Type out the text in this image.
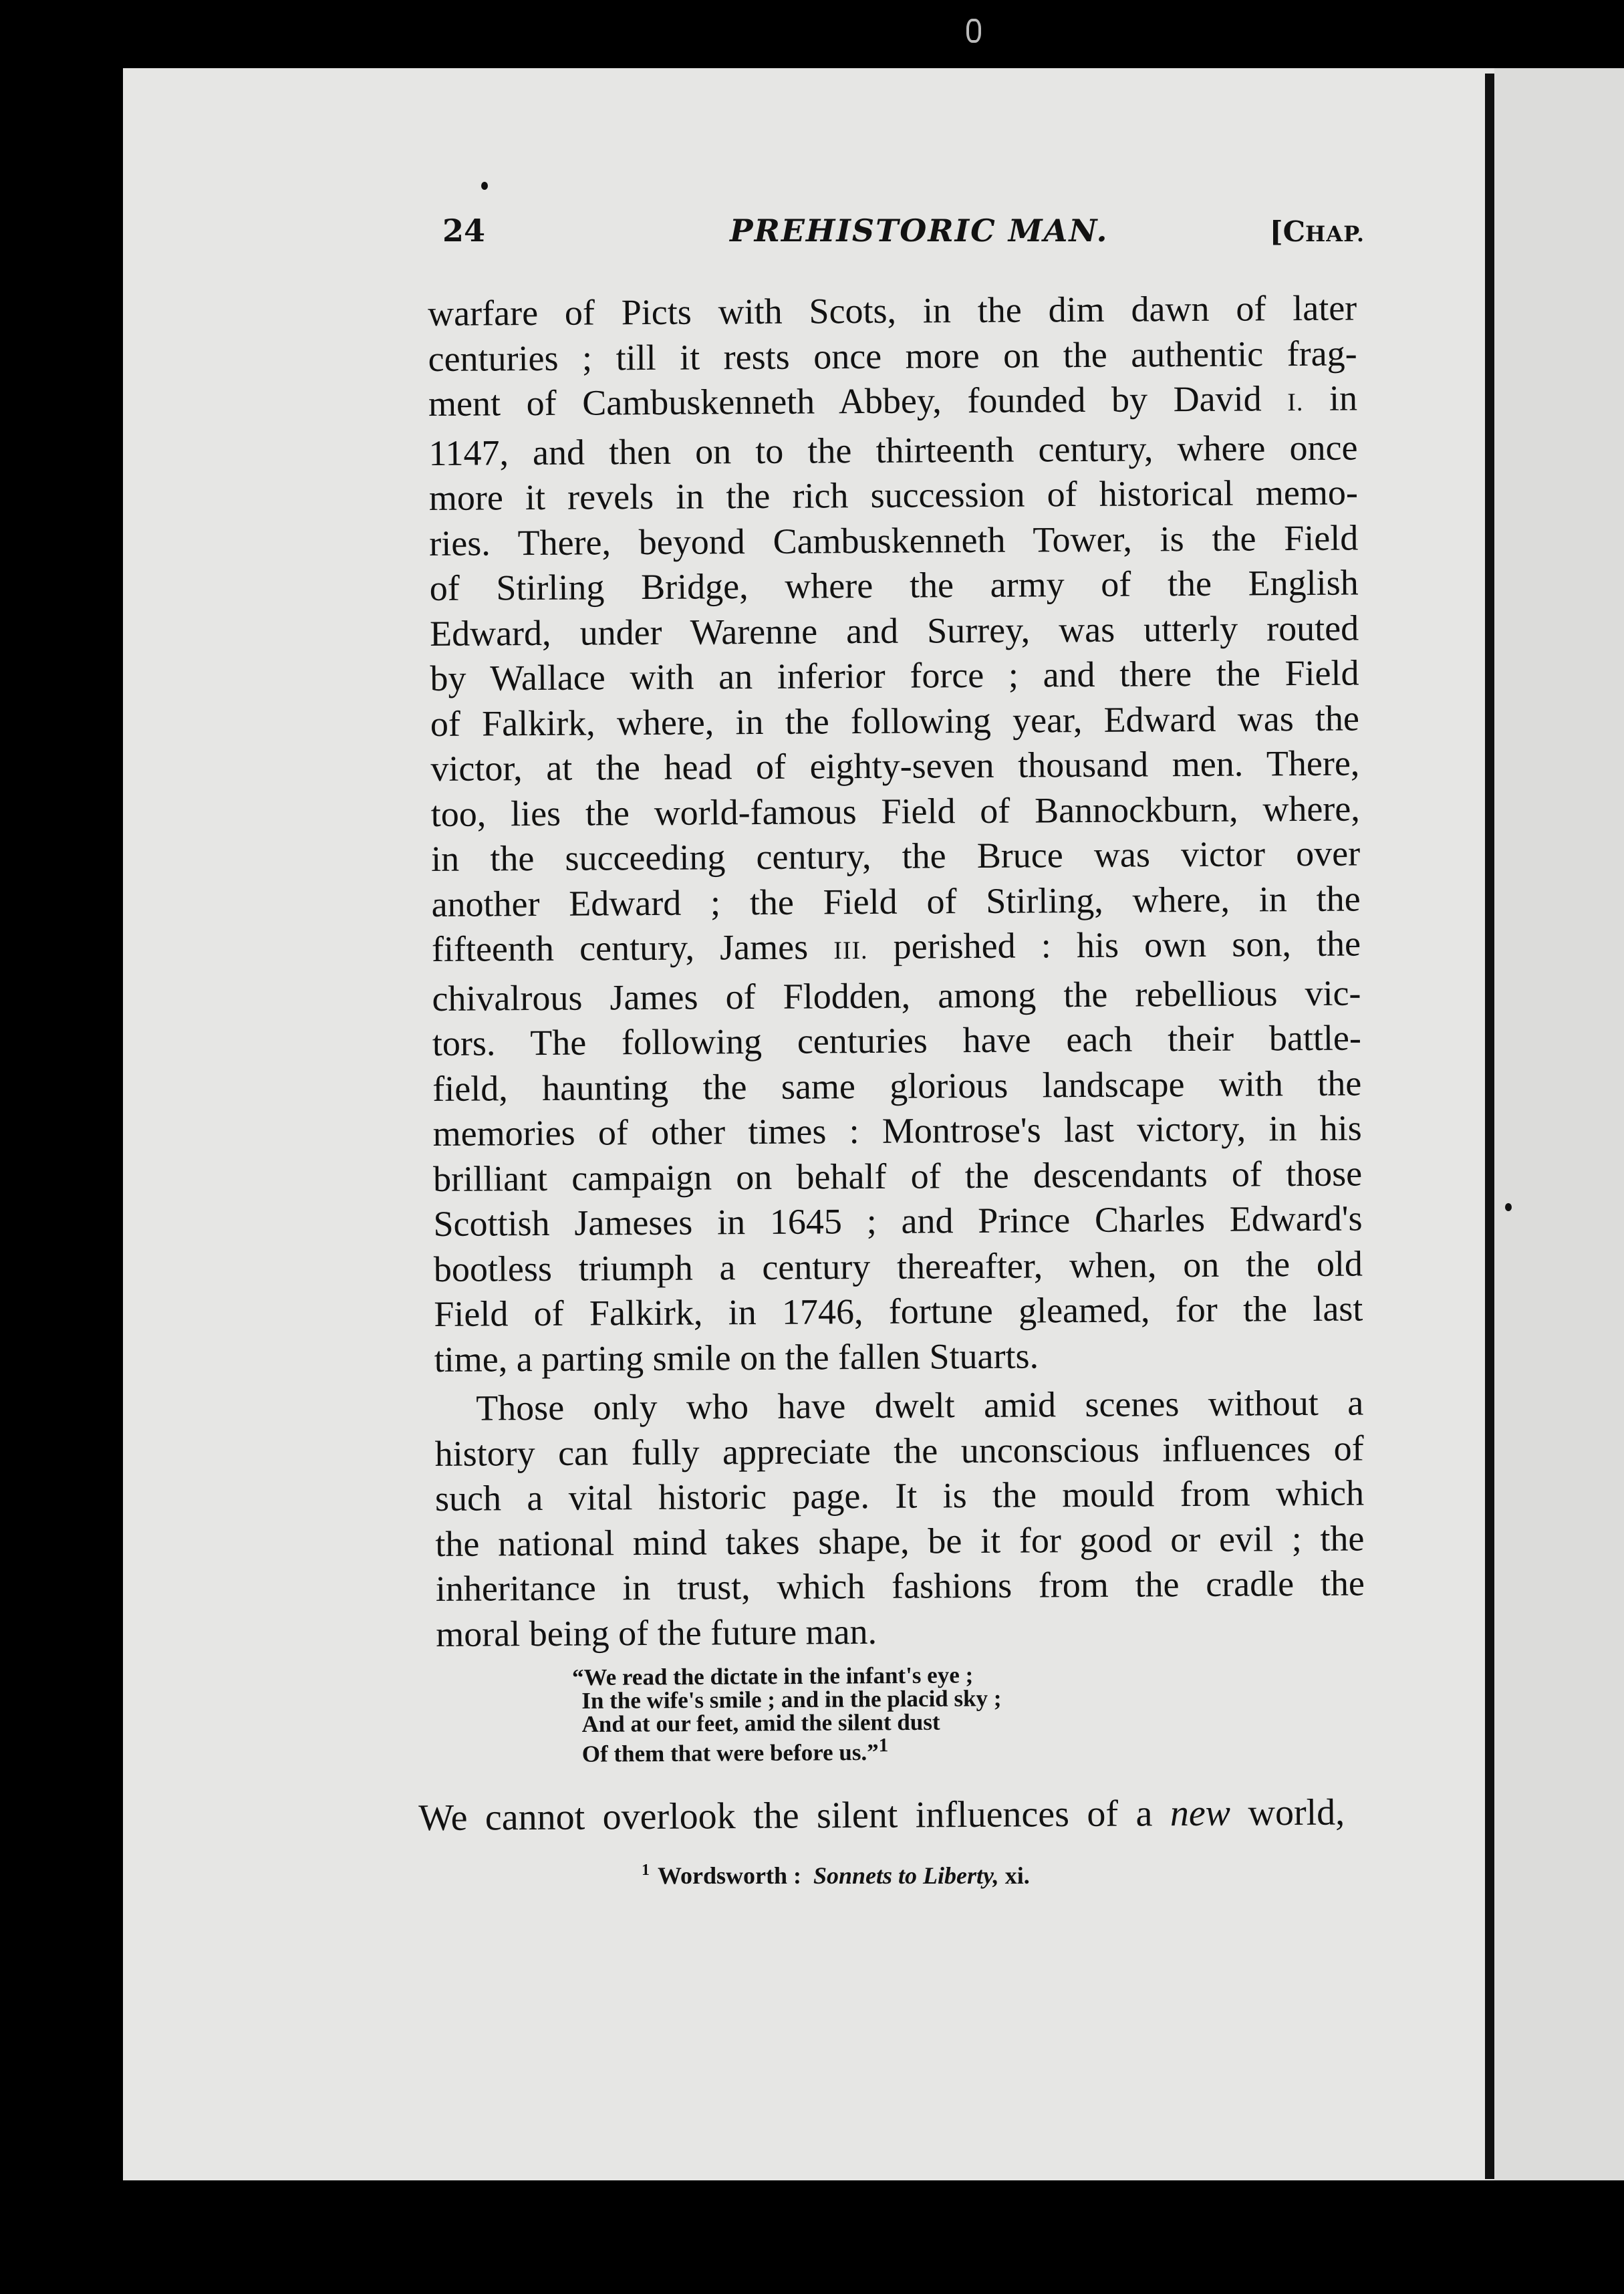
24	PREHISTORIC MAN.	[CHAP.
warfare of Picts with Scots, in the dim dawn of later
centuries ; till it rests once more on the authentic frag-
ment of Cambuskenneth Abbey, founded by David I. in
1147, and then on to the thirteenth century, where once
more it revels in the rich succession of historical memo-
ries. There, beyond Cambuskenneth Tower, is the Field
of Stirling Bridge, where the army of the English
Edward, under Warenne and Surrey, was utterly routed
by Wallace with an inferior force ; and there the Field
of Falkirk, where, in the following year, Edward was the
victor, at the head of eighty-seven thousand men. There,
too, lies the world-famous Field of Bannockburn, where,
in the succeeding century, the Bruce was victor over
another Edward ; the Field of Stirling, where, in the
fifteenth century, James III. perished : his own son, the
chivalrous James of Flodden, among the rebellious vic-
tors. The following centuries have each their battle-
field, haunting the same glorious landscape with the
memories of other times : Montrose's last victory, in his
brilliant campaign on behalf of the descendants of those
Scottish Jameses in 1645 ; and Prince Charles Edward's
bootless triumph a century thereafter, when, on the old
Field of Falkirk, in 1746, fortune gleamed, for the last
time, a parting smile on the fallen Stuarts.
Those only who have dwelt amid scenes without a
history can fully appreciate the unconscious influences of
such a vital historic page. It is the mould from which
the national mind takes shape, be it for good or evil ; the
inheritance in trust, which fashions from the cradle the
moral being of the future man.
“We read the dictate in the infant's eye ;
In the wife's smile ; and in the placid sky ;
And at our feet, amid the silent dust
Of them that were before us.”$^1$
We cannot overlook the silent influences of a new world,
$^1$ Wordsworth : Sonnets to Liberty, xi.
